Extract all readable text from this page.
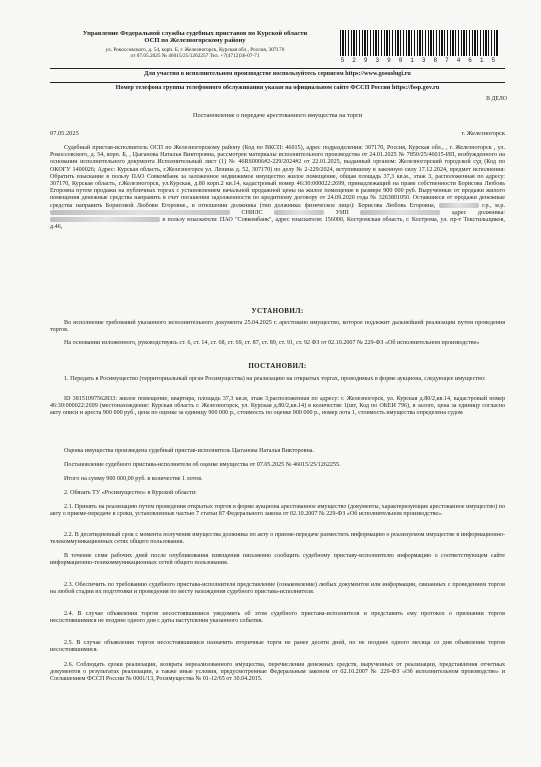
Управление Федеральной службы судебных приставов по Курской области
ОСП по Железногорскому району
ул. Рокоссовского, д. 54, корп. Б, г. Железногорск, Курская обл., Россия, 307170
от 07.05.2025 № 46015/25/1262257 Тел. +7(4712)36-07-71
5 2 9 3 9 0 1 3 8 7 4 6 1 5
Для участия в исполнительном производстве воспользуйтесь сервисом https://www.gosuslugi.ru
Номер телефона группы телефонного обслуживания указан на официальном сайте ФССП России https://fssp.gov.ru
В ДЕЛО
Постановление о передаче арестованного имущества на торги
07.05.2025	г. Железногорск
Судебный пристав-исполнитель ОСП по Железногорскому району (Код по ВКСП: 46015), адрес подразделения: 307170, Россия, Курская обл., , г. Железногорск , ул. Рокоссовского, д. 54, корп. Б, , Цыганова Наталья Викторовна, рассмотрев материалы исполнительного производства от 24.01.2025 № 7850/25/46015-ИП, возбужденного на основании исполнительного документа Исполнительный лист (1) № 46RS0006#2-229/2024#2 от 22.01.2025, выданный органом: Железногорский городской суд (Код по ОКОГУ 1400026; Адрес: Курская область, г.Железногорск ул. Ленина д. 52, 307170) по делу № 2-229/2024, вступившему в законную силу 17.12.2024, предмет исполнения: Обратить взыскание в пользу ПАО Совкомбанк за заложенное недвижимое имущество жилое помещение, общая площадь 37,3 кв.м., этаж 3, расположенная по адресу: 307170, Курская область, г.Железногорск, ул.Курская, д.80 корп.2 кв.14, кадастровый номер 46:30:000022:2699, принадлежащий на праве собственности Борисова Любовь Егоровна путем продажи на публичных торгах с установлением начальной продажной цены на жилое помещение в размере 900 000 руб. Вырученные от продажи жилого помещения денежные средства направить в счет погашения задолженности по кредитному договору от 24.09.2020 года № 3263801050. Оставшиеся от продажи денежные средства направить Борисовой Любови Егоровне., в отношении должника (тип должника: физическое лицо): Борисова Любовь Егоровна,	г.р., м.р.  СНИЛС	УИП	адрес должника:  в пользу взыскателя: ПАО "Совкомбанк", адрес взыскателя: 156000, Костромская область, г. Кострома, ул. пр-т Текстильщиков, д.46,
УСТАНОВИЛ:
Во исполнение требований указанного исполнительного документа 25.04.2025 г. арестовано имущество, которое подлежит дальнейшей реализации путем проведения торгов.
На основании изложенного, руководствуясь ст. 6, ст. 14, ст. 68, ст. 69, ст. 87, ст. 89, ст. 91, ст. 92 ФЗ от 02.10.2007 № 229-ФЗ «Об исполнительном производстве»
ПОСТАНОВИЛ:
1. Передать в Росимущество (территориальный орган Росимущества) на реализацию на открытых торгах, проводимых в форме аукциона, следующее имущество:
ID 38151097562833: жилое помещение, квартира, площадь 37,3 кв.м, этаж 3,расположенная по адресу: г. Железногорск, ул. Курская д.80/2,кв.14, кадастровый номер 46:30:000022:2699 (местонахождение: Курская область г. Железногорск, ул. Курская д.80/2,кв.14) в количестве 1(шт, Код по ОКЕИ 796), в залоге, цена за единицу согласно акту описи и ареста 900 000 руб., цена по оценке за единицу 900 000 р., стоимость по оценке 900 000 р., номер лота 1, стоимость имущества определена судом
Оценка имущества произведена судебный пристав-исполнитель Цыганова Наталья Викторовна.
Постановление судебного пристава-исполнителя об оценке имущества от 07.05.2025 № 46015/25/1262255.
Итого на сумму 900 000,00 руб. в количестве 1 лотов.
2. Обязать ТУ «Росимущество» в Курской области:
2.1. Принять на реализацию путем проведения открытых торгов в форме аукциона арестованное имущество (документы, характеризующие арестованное имущество) по акту о приеме-передаче в сроки, установленные частью 7 статьи 87 Федерального закона от 02.10.2007 № 229-ФЗ «Об исполнительном производстве».
2.2. В десятидневный срок с момента получения имущества должника по акту о приеме-передаче разместить информацию о реализуемом имуществе в информационно-телекоммуникационных сетях общего пользования.
В течение семи рабочих дней после опубликования извещения письменно сообщить судебному приставу-исполнителю информацию о соответствующем сайте информационно-телекоммуникационных сетей общего пользования.
2.3. Обеспечить по требованию судебного пристава-исполнителя представление (ознакомление) любых документов или информации, связанных с проведением торгов на любой стадии их подготовки и проведения по месту нахождения судебного пристава-исполнителя.
2.4. В случае объявления торгов несостоявшимися уведомить об этом судебного пристава-исполнителя и представить ему протокол о признании торгов несостоявшимися не позднее одного дня с даты наступления указанного события.
2.5. В случае объявления торгов несостоявшимися назначить вторичные торги не ранее десяти дней, но не позднее одного месяца со дня объявления торгов несостоявшимися.
2.6. Соблюдать сроки реализации, возврата нереализованного имущества, перечисления денежных средств, вырученных от реализации, представления отчетных документов о результатах реализации, а также иные условия, предусмотренные Федеральным законом от 02.10.2007 № 229-ФЗ «Об исполнительном производстве» и Соглашением ФССП России № 0001/13, Росимущества № 01-12/65 от 30.04.2015.
